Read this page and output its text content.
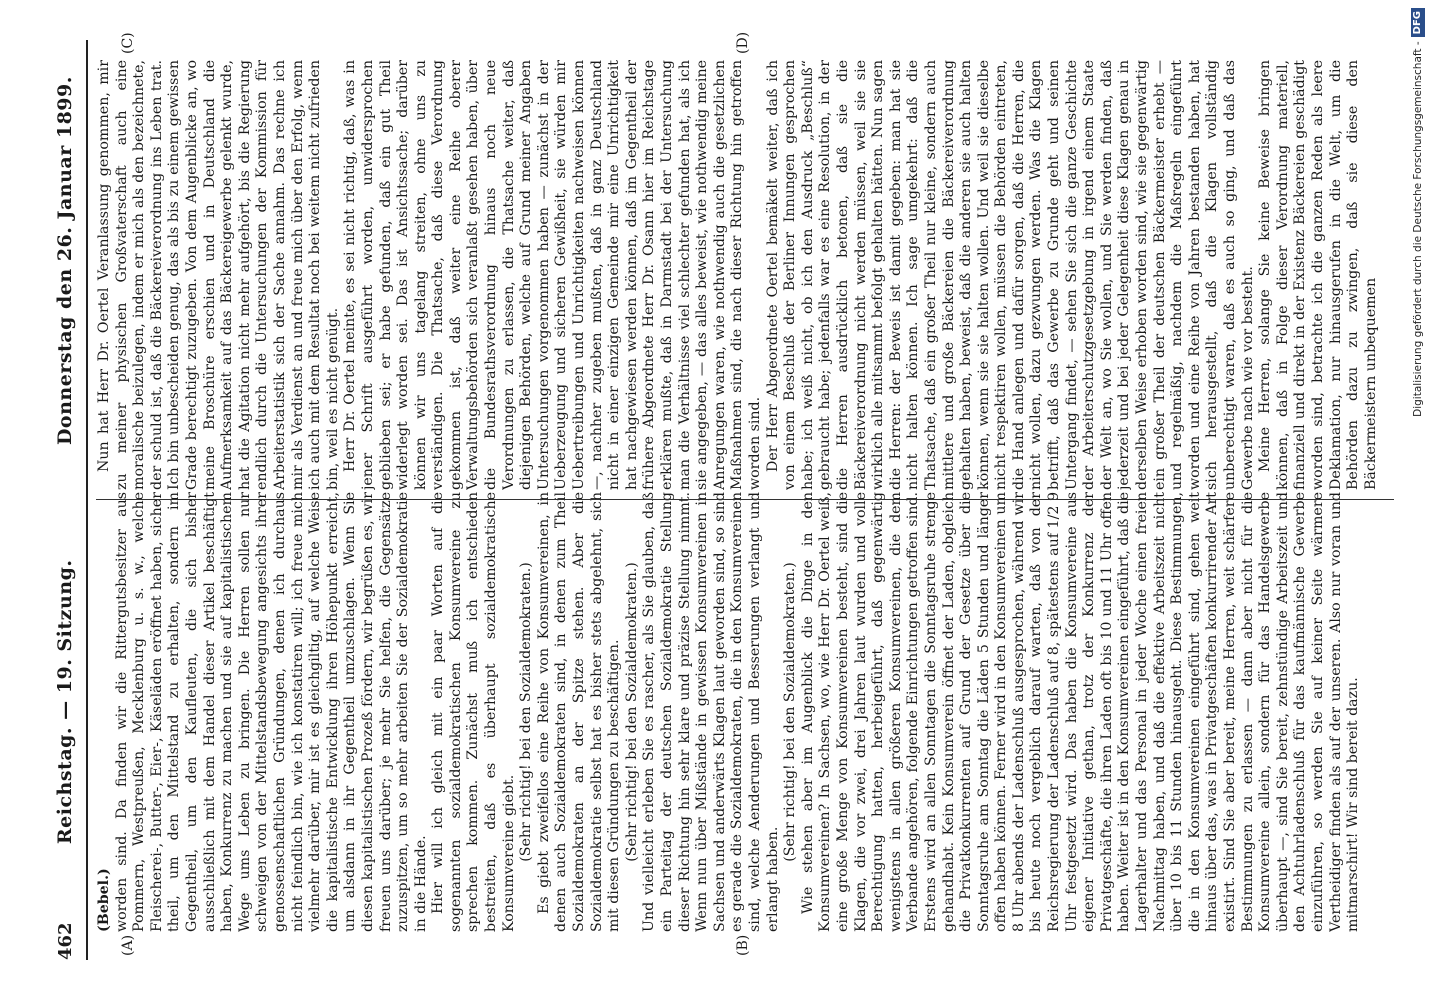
462
Reichstag. — 19. Sitzung.
Donnerstag den 26. Januar 1899.
(A)	(B)
(C)	(D)

(Bebel.) worden sind. Da finden wir die Rittergutsbesitzer aus Pommern, Westpreußen, Mecklenburg u. s. w., welche Fleischerei-, Butter-, Eier-, Käseläden eröffnet haben, sicher theil, um den Mittelstand zu erhalten, sondern im Gegentheil, um den Kaufleuten, die sich bisher ausschließlich mit dem Handel dieser Artikel beschäftigt haben, Konkurrenz zu machen und sie auf kapitalistischem Wege ums Leben zu bringen. Die Herren sollen nur schweigen von der Mittelstandsbewegung angesichts ihrer genossenschaftlichen Gründungen, denen ich durchaus nicht feindlich bin, wie ich konstatiren will; ich freue mich vielmehr darüber, mir ist es gleichgiltig, auf welche Weise die kapitalistische Entwicklung ihren Höhepunkt erreicht, um alsdann in ihr Gegentheil umzuschlagen. Wenn Sie diesen kapitalistischen Prozeß fördern, wir begrüßen es, wir freuen uns darüber; je mehr Sie helfen, die Gegensätze zuzuspitzen, um so mehr arbeiten Sie der Sozialdemokratie in die Hände. Hier will ich gleich mit ein paar Worten auf die sogenannten sozialdemokratischen Konsumvereine zu sprechen kommen. Zunächst muß ich entschieden bestreiten, daß es überhaupt sozialdemokratische Konsumvereine giebt. (Sehr richtig! bei den Sozialdemokraten.) Es giebt zweifellos eine Reihe von Konsumvereinen, in denen auch Sozialdemokraten sind, in denen zum Theil Sozialdemokraten an der Spitze stehen. Aber die Sozialdemokratie selbst hat es bisher stets abgelehnt, sich mit diesen Gründungen zu beschäftigen. (Sehr richtig! bei den Sozialdemokraten.) Und vielleicht erleben Sie es rascher, als Sie glauben, daß ein Parteitag der deutschen Sozialdemokratie Stellung dieser Richtung hin sehr klare und präzise Stellung nimmt. Wenn nun über Mißstände in gewissen Konsumvereinen in Sachsen und anderwärts Klagen laut geworden sind, so sind es gerade die Sozialdemokraten, die in den Konsumvereinen sind, welche Aenderungen und Besserungen verlangt und erlangt haben.

(Sehr richtig! bei den Sozialdemokraten.) Wie stehen aber im Augenblick die Dinge in den Konsumvereinen? In Sachsen, wo, wie Herr Dr. Oertel weiß, eine große Menge von Konsumvereinen besteht, sind die Klagen, die vor zwei, drei Jahren laut wurden und volle Berechtigung hatten, herbeigeführt, daß gegenwärtig wenigstens in allen größeren Konsumvereinen, die dem Verbande angehören, folgende Einrichtungen getroffen sind. Erstens wird an allen Sonntagen die Sonntagsruhe strenge gehandhabt. Kein Konsumverein öffnet der Laden, obgleich die Privatkonkurrenten auf Grund der Gesetze über die Sonntagsruhe am Sonntag die Läden 5 Stunden und länger offen haben können. Ferner wird in den Konsumvereinen um 8 Uhr abends der Ladenschluß ausgesprochen, während wir bis heute noch vergeblich darauf warten, daß von der Reichsregierung der Ladenschluß auf 8, spätestens auf 1/2 9 Uhr festgesetzt wird. Das haben die Konsumvereine aus eigener Initiative gethan, trotz der Konkurrenz der Privatgeschäfte, die ihren Laden oft bis 10 und 11 Uhr offen haben. Weiter ist in den Konsumvereinen eingeführt, daß die Lagerhalter und das Personal in jeder Woche einen freien Nachmittag haben, und daß die effektive Arbeitszeit nicht über 10 bis 11 Stunden hinausgeht. Diese Bestimmungen, die in den Konsumvereinen eingeführt sind, gehen weit hinaus über das, was in Privatgeschäften konkurrirender Art existirt. Sind Sie aber bereit, meine Herren, weit schärfere Bestimmungen zu erlassen — dann aber nicht für die Konsumvereine allein, sondern für das Handelsgewerbe überhaupt —, sind Sie bereit, zehnstündige Arbeitszeit und den Achtuhrladenschluß für das kaufmännische Gewerbe einzuführen, so werden Sie auf keiner Seite wärmere Vertheidiger finden als auf der unseren. Also nur voran und mitmarschirt! Wir sind bereit dazu.

Nun hat Herr Dr. Oertel Veranlassung genommen, mir zu meiner physischen Großvaterschaft auch eine moralische beizulegen, indem er mich als den bezeichnete, der schuld ist, daß die Bäckereiverordnung ins Leben trat. Ich bin unbescheiden genug, das als bis zu einem gewissen Grade berechtigt zuzugeben. Von dem Augenblicke an, wo meine Broschüre erschien und in Deutschland die Aufmerksamkeit auf das Bäckereigewerbe gelenkt wurde, hat die Agitation nicht mehr aufgehört, bis die Regierung endlich durch die Untersuchungen der Kommission für Arbeiterstatistik sich der Sache annahm. Das rechne ich mir als Verdienst an und freue mich über den Erfolg, wenn ich auch mit dem Resultat noch bei weitem nicht zufrieden bin, weil es nicht genügt. Herr Dr. Oertel meinte, es sei nicht richtig, daß, was in jener Schrift ausgeführt worden, unwidersprochen geblieben sei; er habe gefunden, daß ein gut Theil widerlegt worden sei. Das ist Ansichtssache; darüber können wir uns tagelang streiten, ohne uns zu verständigen. Die Thatsache, daß diese Verordnung gekommen ist, daß weiter eine Reihe oberer Verwaltungsbehörden sich veranlaßt gesehen haben, über die Bundesrathsverordnung hinaus noch neue Verordnungen zu erlassen, die Thatsache weiter, daß diejenigen Behörden, welche auf Grund meiner Angaben Untersuchungen vorgenommen haben — zunächst in der Ueberzeugung und sicheren Gewißheit, sie würden mir Uebertreibungen und Unrichtigkeiten nachweisen können —, nachher zugeben mußten, daß in ganz Deutschland nicht in einer einzigen Gemeinde mir eine Unrichtigkeit hat nachgewiesen werden können, daß im Gegentheil der frühere Abgeordnete Herr Dr. Osann hier im Reichstage erklären mußte, daß in Darmstadt bei der Untersuchung man die Verhältnisse viel schlechter gefunden hat, als ich sie angegeben, — das alles beweist, wie nothwendig meine Anregungen waren, wie nothwendig auch die gesetzlichen Maßnahmen sind, die nach dieser Richtung hin getroffen worden sind. Der Herr Abgeordnete Oertel bemäkelt weiter, daß ich von einem Beschluß der Berliner Innungen gesprochen habe; ich weiß nicht, ob ich den Ausdruck „Beschluß“ gebraucht habe; jedenfalls war es eine Resolution, in der die Herren ausdrücklich betonen, daß sie die Bäckereiverordnung nicht werden müssen, weil sie sie wirklich alle mitsammt befolgt gehalten hätten. Nun sagen die Herren: der Beweis ist damit gegeben: man hat sie nicht halten können. Ich sage umgekehrt: daß die Thatsache, daß ein großer Theil nur kleine, sondern auch mittlere und große Bäckereien die Bäckereiverordnung gehalten haben, beweist, daß die anderen sie auch halten können, wenn sie sie halten wollen. Und weil sie dieselbe nicht respektiren wollen, müssen die Behörden eintreten, die Hand anlegen und dafür sorgen, daß die Herren, die nicht wollen, dazu gezwungen werden. Was die Klagen betrifft, daß das Gewerbe zu Grunde geht und seinen Untergang findet, — sehen Sie sich die ganze Geschichte der Arbeiterschutzgesetzgebung in irgend einem Staate der Welt an, wo Sie wollen, und Sie werden finden, daß jederzeit und bei jeder Gelegenheit diese Klagen genau in derselben Weise erhoben worden sind, wie sie gegenwärtig ein großer Theil der deutschen Bäckermeister erhebt — und regelmäßig, nachdem die Maßregeln eingeführt worden und eine Reihe von Jahren bestanden haben, hat sich herausgestellt, daß die Klagen vollständig unberechtigt waren, daß es auch so ging, und daß das Gewerbe nach wie vor besteht. Meine Herren, solange Sie keine Beweise bringen können, daß in Folge dieser Verordnung materiell, finanziell und direkt in der Existenz Bäckereien geschädigt worden sind, betrachte ich die ganzen Reden als leere Deklamation, nur hinausgerufen in die Welt, um die Behörden dazu zu zwingen, daß sie diese den Bäckermeistern unbequemen	Digitalisierung gefördert durch die Deutsche Forschungsgemeinschaft -
DFG
